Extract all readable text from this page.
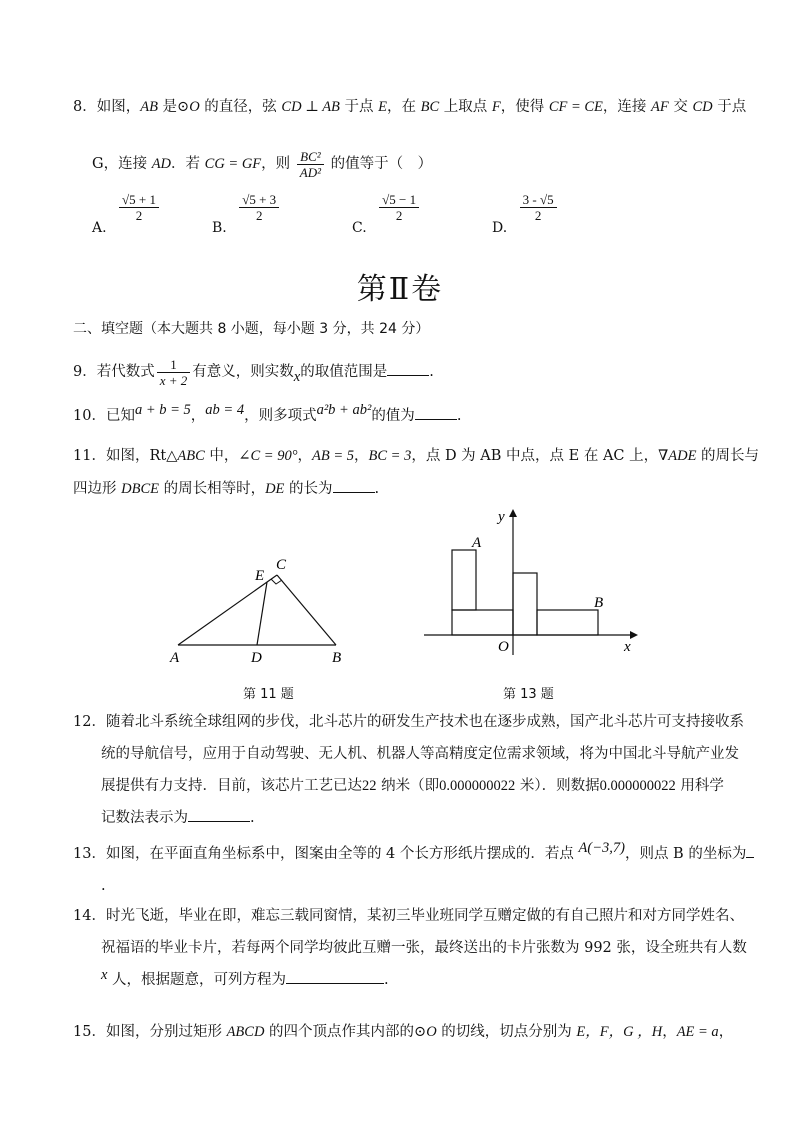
8．如图，AB 是⊙O 的直径，弦 CD ⊥ AB 于点 E，在 BC 上取点 F，使得 CF = CE，连接 AF 交 CD 于点
G，连接 AD．若 CG = GF，则 $\frac{\text{BC²}}{\text{AD²}}$ 的值等于（　）
A.
$\frac{√5 + 1}{2}$
B.
$\frac{√5 + 3}{2}$
C.
$\frac{√5 - 1}{2}$
D.
$\frac{3 - √5}{2}$
第Ⅱ卷
二、填空题（本大题共 8 小题，每小题 3 分，共 24 分）
9．若代数式 $\frac{1}{x + 2}$ 有意义，则实数x的取值范围是	.
10．已知a + b = 5，ab = 4，则多项式a²b + ab²的值为	.
11．如图，Rt△ABC 中，∠C = 90°，AB = 5，BC = 3，点 D 为 AB 中点，点 E 在 AC 上，∇ADE 的周长与
四边形 DBCE 的周长相等时，DE 的长为	.
A	D	B
E
C
第 11 题
A
B
O	x
y
第 13 题
12．随着北斗系统全球组网的步伐，北斗芯片的研发生产技术也在逐步成熟，国产北斗芯片可支持接收系
统的导航信号，应用于自动驾驶、无人机、机器人等高精度定位需求领域，将为中国北斗导航产业发
展提供有力支持．目前，该芯片工艺已达22 纳米（即0.000000022 米）．则数据0.000000022 用科学
记数法表示为	.
13．如图，在平面直角坐标系中，图案由全等的 4 个长方形纸片摆成的．若点 A(−3,7)，则点 B 的坐标为
.
14．时光飞逝，毕业在即，难忘三载同窗情，某初三毕业班同学互赠定做的有自己照片和对方同学姓名、
祝福语的毕业卡片，若每两个同学均彼此互赠一张，最终送出的卡片张数为 992 张，设全班共有人数
x 人，根据题意，可列方程为	.
15．如图，分别过矩形 ABCD 的四个顶点作其内部的⊙O 的切线，切点分别为 E，F，G ，H，AE = a，
